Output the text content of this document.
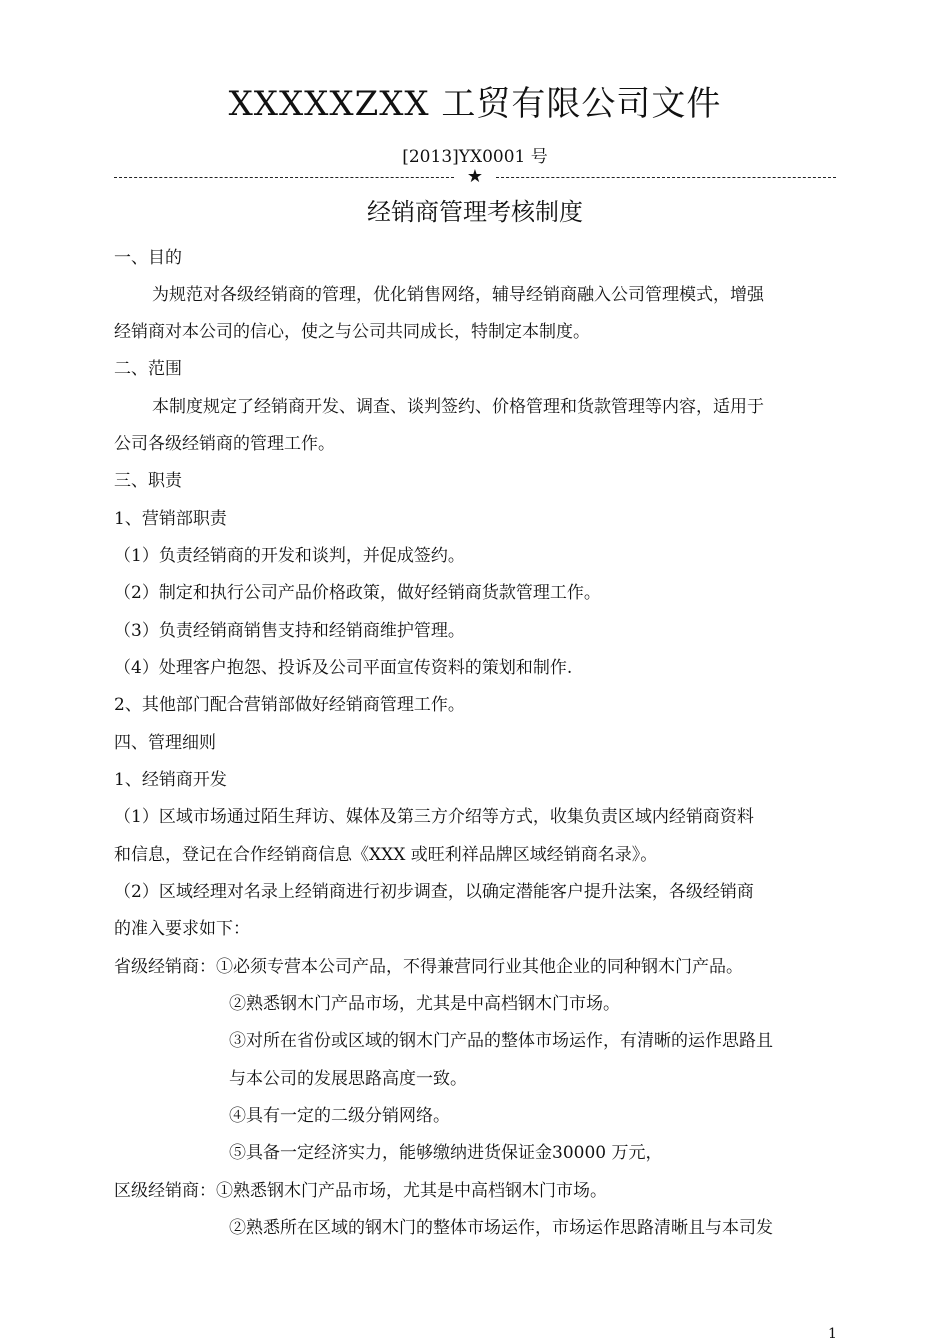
XXXXXZXX 工贸有限公司文件
[2013]YX0001 号
★
经销商管理考核制度
一、目的
为规范对各级经销商的管理，优化销售网络，辅导经销商融入公司管理模式，增强
经销商对本公司的信心，使之与公司共同成长，特制定本制度。
二、范围
本制度规定了经销商开发、调查、谈判签约、价格管理和货款管理等内容，适用于
公司各级经销商的管理工作。
三、职责
1、营销部职责
（1）负责经销商的开发和谈判，并促成签约。
（2）制定和执行公司产品价格政策，做好经销商货款管理工作。
（3）负责经销商销售支持和经销商维护管理。
（4）处理客户抱怨、投诉及公司平面宣传资料的策划和制作.
2、其他部门配合营销部做好经销商管理工作。
四、管理细则
1、经销商开发
（1）区域市场通过陌生拜访、媒体及第三方介绍等方式，收集负责区域内经销商资料
和信息，登记在合作经销商信息《XXX 或旺利祥品牌区域经销商名录》。
（2）区域经理对名录上经销商进行初步调查，以确定潜能客户提升法案，各级经销商
的准入要求如下：
省级经销商：①必须专营本公司产品，不得兼营同行业其他企业的同种钢木门产品。
②熟悉钢木门产品市场，尤其是中高档钢木门市场。
③对所在省份或区域的钢木门产品的整体市场运作，有清晰的运作思路且
与本公司的发展思路高度一致。
④具有一定的二级分销网络。
⑤具备一定经济实力，能够缴纳进货保证金30000 万元，
区级经销商：①熟悉钢木门产品市场，尤其是中高档钢木门市场。
②熟悉所在区域的钢木门的整体市场运作，市场运作思路清晰且与本司发
1
